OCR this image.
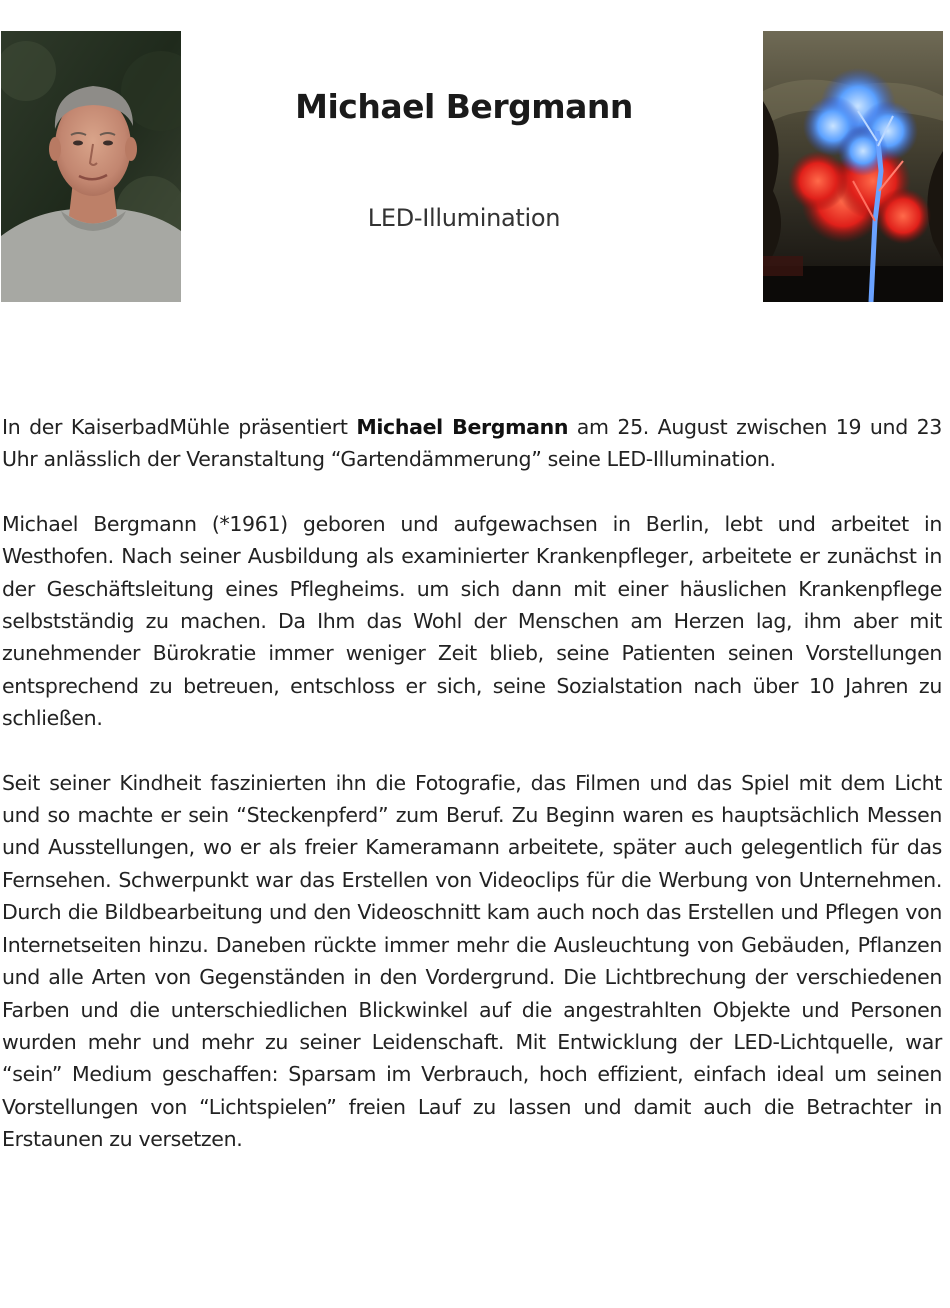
Michael Bergmann
LED-Illumination

In der KaiserbadMühle präsentiert Michael Bergmann am 25. August zwischen 19 und 23 Uhr anlässlich der Veranstaltung “Gartendämmerung” seine LED-Illumination.

Michael Bergmann (*1961) geboren und aufgewachsen in Berlin, lebt und arbeitet in Westhofen. Nach seiner Ausbildung als examinierter Krankenpfleger, arbeitete er zunächst in der Geschäftsleitung eines Pflegheims. um sich dann mit einer häuslichen Krankenpflege selbstständig zu machen. Da Ihm das Wohl der Menschen am Herzen lag, ihm aber mit zunehmender Bürokratie immer weniger Zeit blieb, seine Patienten seinen Vorstellungen entsprechend zu betreuen, entschloss er sich, seine Sozialstation nach über 10 Jahren zu schließen.

Seit seiner Kindheit faszinierten ihn die Fotografie, das Filmen und das Spiel mit dem Licht und so machte er sein “Steckenpferd” zum Beruf. Zu Beginn waren es hauptsächlich Messen und Ausstellungen, wo er als freier Kameramann arbeitete, später auch gelegentlich für das Fernsehen. Schwerpunkt war das Erstellen von Videoclips für die Werbung von Unternehmen. Durch die Bildbearbeitung und den Videoschnitt kam auch noch das Erstellen und Pflegen von Internetseiten hinzu. Daneben rückte immer mehr die Ausleuchtung von Gebäuden, Pflanzen und alle Arten von Gegenständen in den Vordergrund. Die Lichtbrechung der verschiedenen Farben und die unterschiedlichen Blickwinkel auf die angestrahlten Objekte und Personen wurden mehr und mehr zu seiner Leidenschaft. Mit Entwicklung der LED-Lichtquelle, war “sein” Medium geschaffen: Sparsam im Verbrauch, hoch effizient, einfach ideal um seinen Vorstellungen von “Lichtspielen” freien Lauf zu lassen und damit auch die Betrachter in Erstaunen zu versetzen.
